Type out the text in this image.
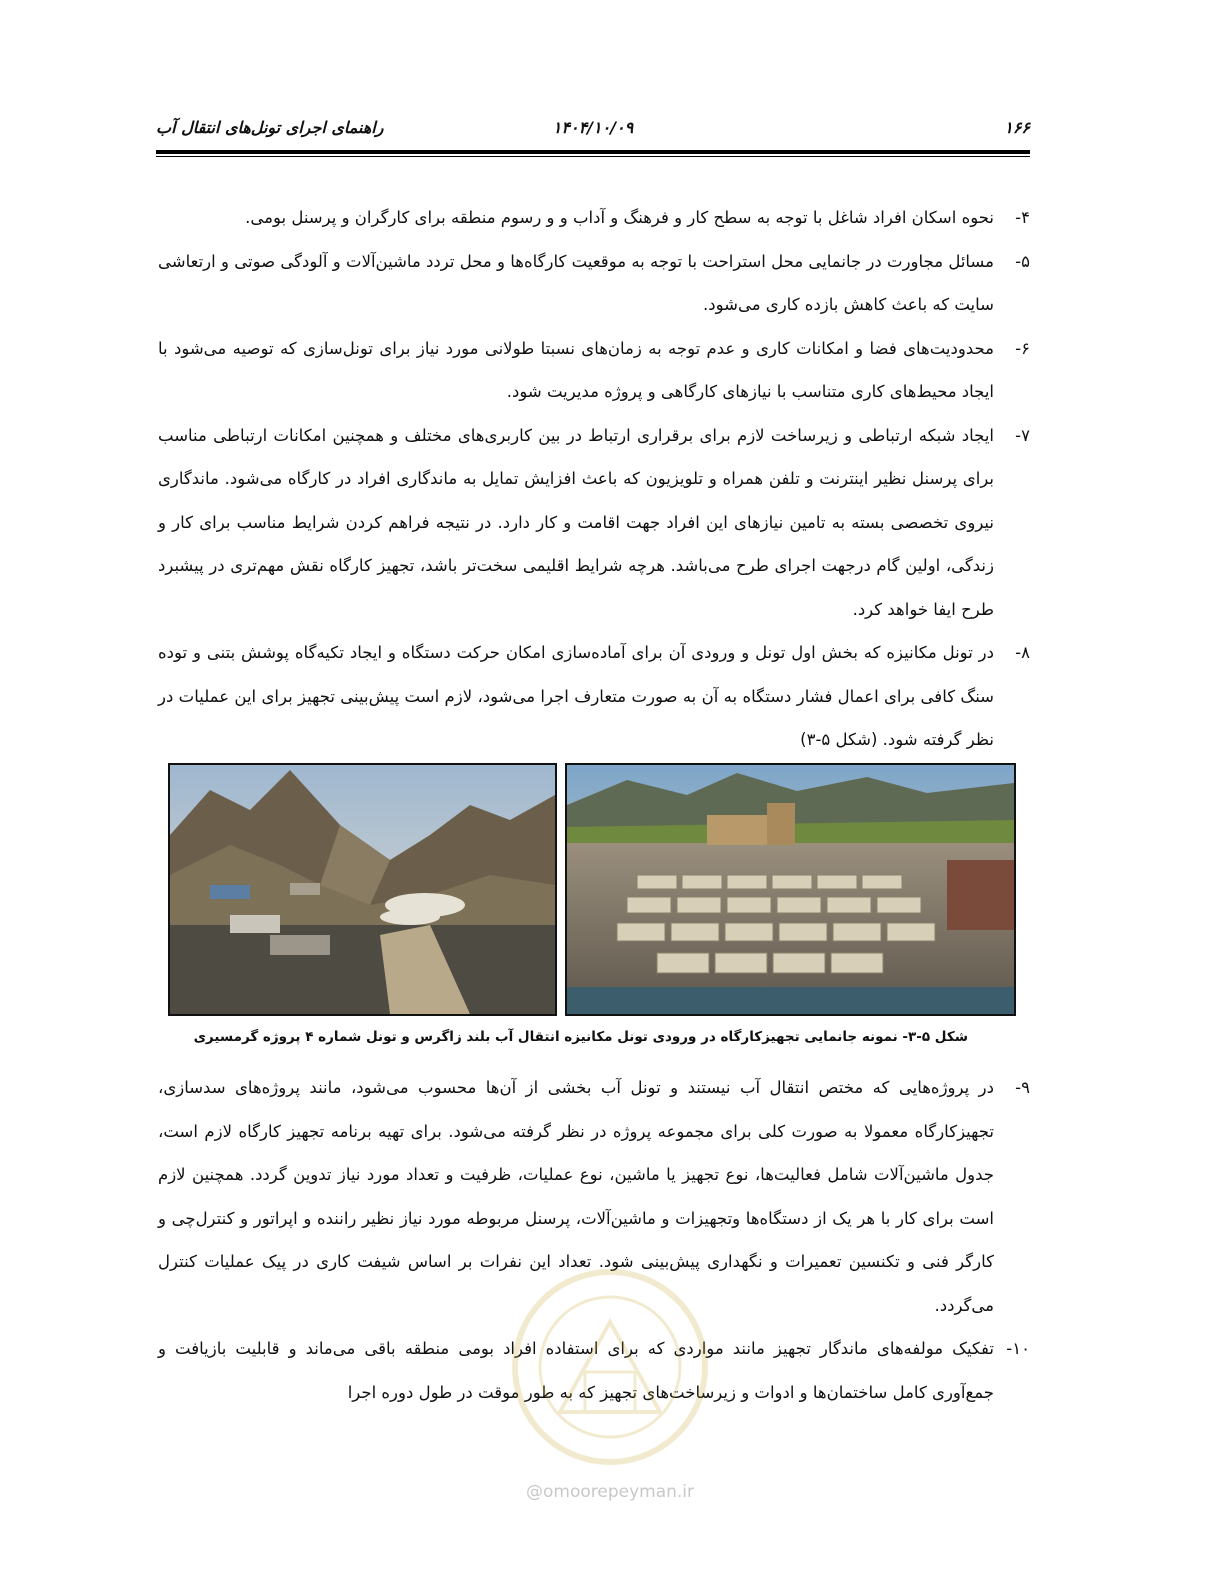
۱۶۶
۱۴۰۴/۱۰/۰۹
راهنمای اجرای تونل‌های انتقال آب
۴-
نحوه اسکان افراد شاغل با توجه به سطح کار و فرهنگ و آداب و و رسوم منطقه برای کارگران و پرسنل بومی.
۵-
مسائل مجاورت در جانمایی محل استراحت با توجه به موقعیت کارگاه‌ها و محل تردد ماشین‌آلات و آلودگی صوتی و ارتعاشی سایت که باعث کاهش بازده کاری می‌شود.
۶-
محدودیت‌های فضا و امکانات کاری و عدم توجه به زمان‌های نسبتا طولانی مورد نیاز برای تونل‌سازی که توصیه می‌شود با ایجاد محیط‌های کاری متناسب با نیازهای کارگاهی و پروژه مدیریت شود.
۷-
ایجاد شبکه ارتباطی و زیرساخت لازم برای برقراری ارتباط در بین کاربری‌های مختلف و همچنین امکانات ارتباطی مناسب برای پرسنل نظیر اینترنت و تلفن همراه و تلویزیون که باعث افزایش تمایل به ماندگاری افراد در کارگاه می‌شود. ماندگاری نیروی تخصصی بسته به تامین نیازهای این افراد جهت اقامت و کار دارد. در نتیجه فراهم کردن شرایط مناسب برای کار و زندگی، اولین گام درجهت اجرای طرح می‌باشد. هرچه شرایط اقلیمی سخت‌تر باشد، تجهیز کارگاه نقش مهم‌تری در پیشبرد طرح ایفا خواهد کرد.
۸-
در تونل مکانیزه که بخش اول تونل و ورودی آن برای آماده‌سازی امکان حرکت دستگاه و ایجاد تکیه‌گاه پوشش بتنی و توده سنگ کافی برای اعمال فشار دستگاه به آن به صورت متعارف اجرا می‌شود، لازم است پیش‌بینی تجهیز برای این عملیات در نظر گرفته شود. (شکل ۵-۳)
شکل ۵-۳- نمونه جانمایی تجهیزکارگاه در ورودی تونل مکانیزه انتقال آب بلند زاگرس و تونل شماره ۴ پروژه گرمسیری
۹-
در پروژه‌هایی که مختص انتقال آب نیستند و تونل آب بخشی از آن‌ها محسوب می‌شود، مانند پروژه‌های سدسازی، تجهیزکارگاه معمولا به صورت کلی برای مجموعه پروژه در نظر گرفته می‌شود. برای تهیه برنامه تجهیز کارگاه لازم است، جدول ماشین‌آلات شامل فعالیت‌ها، نوع تجهیز یا ماشین، نوع عملیات، ظرفیت و تعداد مورد نیاز تدوین گردد. همچنین لازم است برای کار با هر یک از دستگاه‌ها وتجهیزات و ماشین‌آلات، پرسنل مربوطه مورد نیاز نظیر راننده و اپراتور و کنترل‌چی و کارگر فنی و تکنسین تعمیرات و نگهداری پیش‌بینی شود. تعداد این نفرات بر اساس شیفت کاری در پیک عملیات کنترل می‌گردد.
۱۰-
تفکیک مولفه‌های ماندگار تجهیز مانند مواردی که برای استفاده افراد بومی منطقه باقی می‌ماند و قابلیت بازیافت و جمع‌آوری کامل ساختمان‌ها و ادوات و زیرساخت‌های تجهیز که به طور موقت در طول دوره اجرا
@omoorepeyman.ir
